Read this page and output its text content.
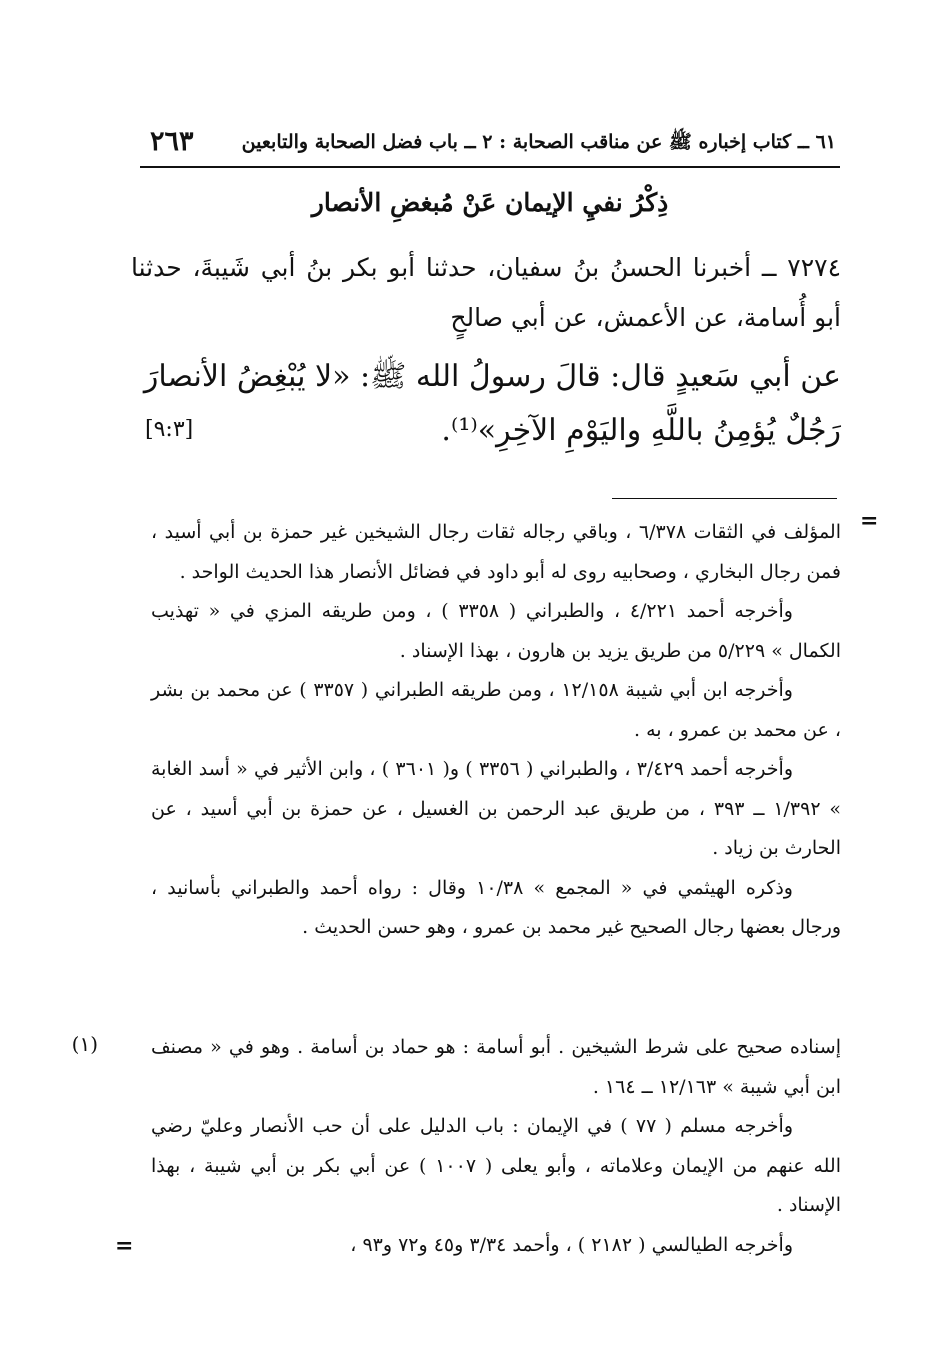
٢٦٣	٦١ ــ كتاب إخباره ﷺ عن مناقب الصحابة : ٢ ــ باب فضل الصحابة والتابعين
ذِكْرُ نفيِ الإيمان عَنْ مُبغضِ الأنصار
٧٢٧٤ ــ أخبرنا الحسنُ بنُ سفيان، حدثنا أبو بكر بنُ أبي شَيبةَ، حدثنا أبو أُسامة، عن الأعمش، عن أبي صالحٍ
عن أبي سَعيدٍ قال: قالَ رسولُ الله ﷺ: «لا يُبْغِضُ الأنصارَ
رَجُلٌ يُؤمِنُ باللَّهِ واليَوْمِ الآخِرِ»⁽¹⁾.
[٩:٣]
=

المؤلف في الثقات ٦/٣٧٨ ، وباقي رجاله ثقات رجال الشيخين غير حمزة بن أبي أسيد ، فمن رجال البخاري ، وصحابيه روى له أبو داود في فضائل الأنصار هذا الحديث الواحد .

وأخرجه أحمد ٤/٢٢١ ، والطبراني ( ٣٣٥٨ ) ، ومن طريقه المزي في « تهذيب الكمال » ٥/٢٢٩ من طريق يزيد بن هارون ، بهذا الإسناد .

وأخرجه ابن أبي شيبة ١٢/١٥٨ ، ومن طريقه الطبراني ( ٣٣٥٧ ) عن محمد بن بشر ، عن محمد بن عمرو ، به .

وأخرجه أحمد ٣/٤٢٩ ، والطبراني ( ٣٣٥٦ ) و( ٣٦٠١ ) ، وابن الأثير في « أسد الغابة » ١/٣٩٢ ــ ٣٩٣ ، من طريق عبد الرحمن بن الغسيل ، عن حمزة بن أبي أسيد ، عن الحارث بن زياد .

وذكره الهيثمي في « المجمع » ١٠/٣٨ وقال : رواه أحمد والطبراني بأسانيد ، ورجال بعضها رجال الصحيح غير محمد بن عمرو ، وهو حسن الحديث .

(١)	إسناده صحيح على شرط الشيخين . أبو أسامة : هو حماد بن أسامة . وهو في « مصنف ابن أبي شيبة » ١٢/١٦٣ ــ ١٦٤ .

وأخرجه مسلم ( ٧٧ ) في الإيمان : باب الدليل على أن حب الأنصار وعليّ رضي الله عنهم من الإيمان وعلاماته ، وأبو يعلى ( ١٠٠٧ ) عن أبي بكر بن أبي شيبة ، بهذا الإسناد .

وأخرجه الطيالسي ( ٢١٨٢ ) ، وأحمد ٣/٣٤ و٤٥ و٧٢ و٩٣ ،

=
